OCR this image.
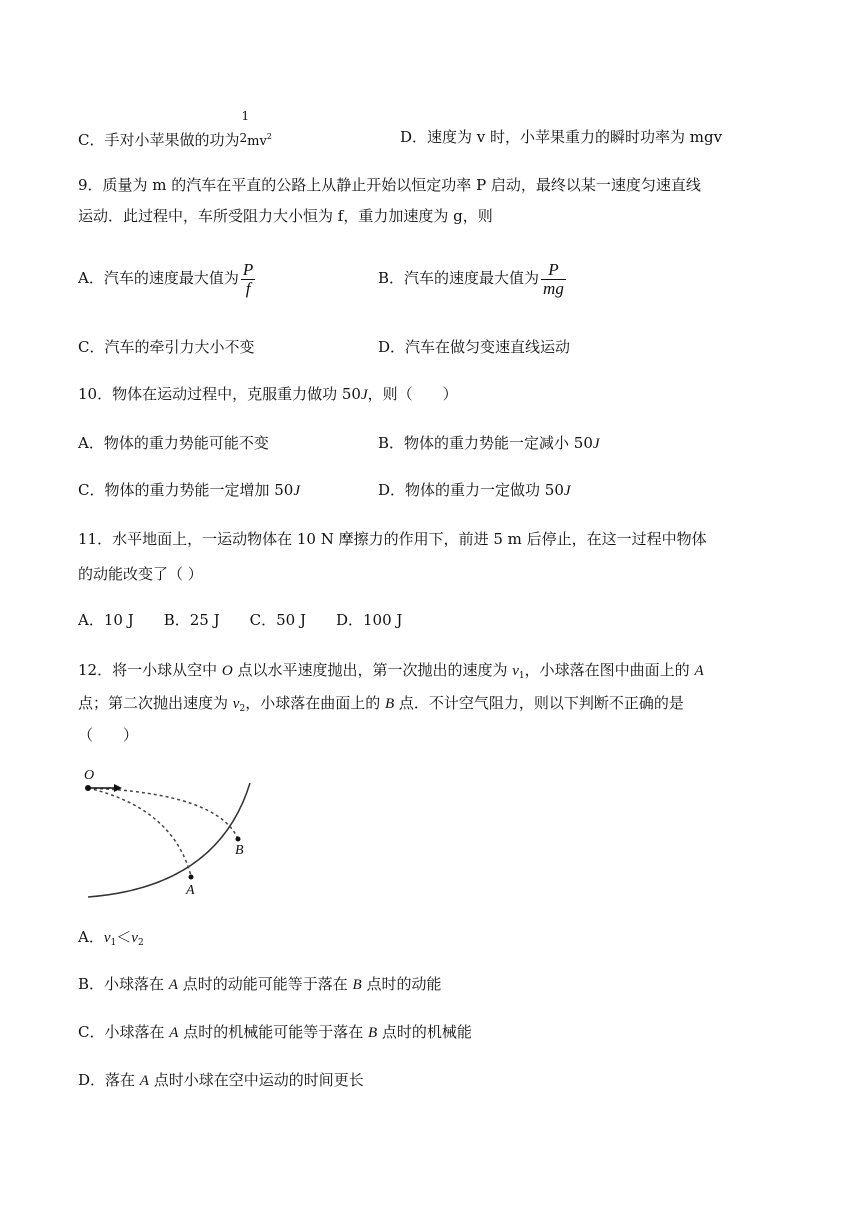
C．手对小苹果做的功为
1
$^2mv^2$	D．速度为 v 时，小苹果重力的瞬时功率为 mgv
9．质量为 m 的汽车在平直的公路上从静止开始以恒定功率 P 启动，最终以某一速度匀速直线
运动．此过程中，车所受阻力大小恒为 f，重力加速度为 g，则
A．汽车的速度最大值为 $\frac{P}{f}$	B．汽车的速度最大值为 $\frac{P}{mg}$
C．汽车的牵引力大小不变	D．汽车在做匀变速直线运动
10．物体在运动过程中，克服重力做功 50J，则（　　）
A．物体的重力势能可能不变	B．物体的重力势能一定减小 50J
C．物体的重力势能一定增加 50J	D．物体的重力一定做功 50J
11．水平地面上，一运动物体在 10 N 摩擦力的作用下，前进 5 m 后停止，在这一过程中物体
的动能改变了（ ）
A．10 J B．25 J C．50 J D．100 J
12．将一小球从空中 O 点以水平速度抛出，第一次抛出的速度为 $v_1$，小球落在图中曲面上的 A
点；第二次抛出速度为 $v_2$，小球落在曲面上的 B 点．不计空气阻力，则以下判断不正确的是
（　　）
O
A
B
A．$v_1<v_2$
B．小球落在 A 点时的动能可能等于落在 B 点时的动能
C．小球落在 A 点时的机械能可能等于落在 B 点时的机械能
D．落在 A 点时小球在空中运动的时间更长
